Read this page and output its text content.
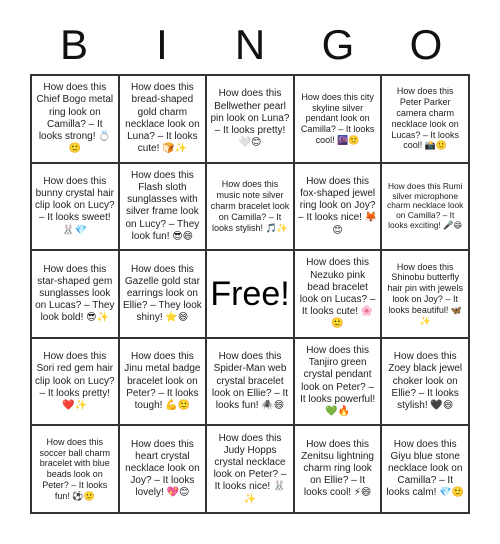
B	I	N	G	O
How does this Chief Bogo metal ring look on Camilla? – It looks strong! 💍🙂
How does this bread-shaped gold charm necklace look on Luna? – It looks cute! 🍞✨
How does this Bellwether pearl pin look on Luna? – It looks pretty! 🤍😊
How does this city skyline silver pendant look on Camilla? – It looks cool! 🌆🙂
How does this Peter Parker camera charm necklace look on Lucas? – It looks cool! 📸🙂
How does this bunny crystal hair clip look on Lucy? – It looks sweet! 🐰💎
How does this Flash sloth sunglasses with silver frame look on Lucy? – They look fun! 😎😄
How does this music note silver charm bracelet look on Camilla? – It looks stylish! 🎵✨
How does this fox-shaped jewel ring look on Joy? – It looks nice! 🦊😊
How does this Rumi silver microphone charm necklace look on Camilla? – It looks exciting! 🎤😄
How does this star-shaped gem sunglasses look on Lucas? – They look bold! 😎✨
How does this Gazelle gold star earrings look on Ellie? – They look shiny! ⭐😄
Free!
How does this Nezuko pink bead bracelet look on Lucas? – It looks cute! 🌸🙂
How does this Shinobu butterfly hair pin with jewels look on Joy? – It looks beautiful! 🦋✨
How does this Sori red gem hair clip look on Lucy? – It looks pretty! ❤️✨
How does this Jinu metal badge bracelet look on Peter? – It looks tough! 💪🙂
How does this Spider-Man web crystal bracelet look on Ellie? – It looks fun! 🕷️😄
How does this Tanjiro green crystal pendant look on Peter? – It looks powerful! 💚🔥
How does this Zoey black jewel choker look on Ellie? – It looks stylish! 🖤😄
How does this soccer ball charm bracelet with blue beads look on Peter? – It looks fun! ⚽🙂
How does this heart crystal necklace look on Joy? – It looks lovely! 💖😊
How does this Judy Hopps crystal necklace look on Peter? – It looks nice! 🐰✨
How does this Zenitsu lightning charm ring look on Ellie? – It looks cool! ⚡😄
How does this Giyu blue stone necklace look on Camilla? – It looks calm! 💎🙂
